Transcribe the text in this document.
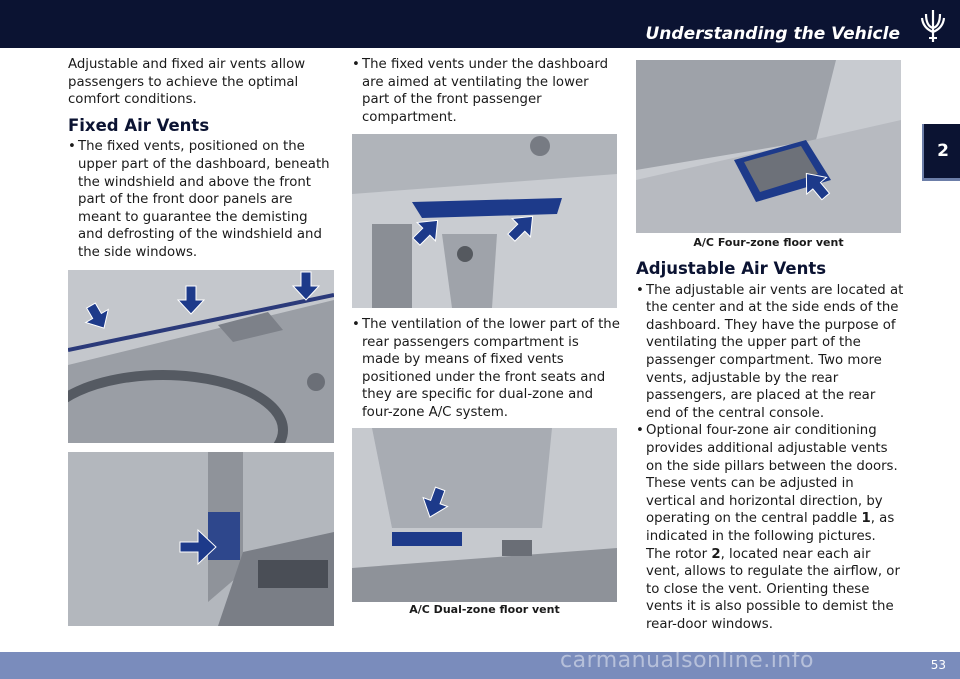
Understanding the Vehicle
2

Adjustable and fixed air vents allow passengers to achieve the optimal comfort conditions.

Fixed Air Vents
• The fixed vents, positioned on the upper part of the dashboard, beneath the windshield and above the front part of the front door panels are meant to guarantee the demisting and defrosting of the windshield and the side windows.
• The fixed vents under the dashboard are aimed at ventilating the lower part of the front passenger compartment.
• The ventilation of the lower part of the rear passengers compartment is made by means of fixed vents positioned under the front seats and they are specific for dual-zone and four-zone A/C system.
A/C Dual-zone floor vent
A/C Four-zone floor vent
Adjustable Air Vents
• The adjustable air vents are located at the center and at the side ends of the dashboard. They have the purpose of ventilating the upper part of the passenger compartment. Two more vents, adjustable by the rear passengers, are placed at the rear end of the central console.
• Optional four-zone air conditioning provides additional adjustable vents on the side pillars between the doors. These vents can be adjusted in vertical and horizontal direction, by operating on the central paddle 1, as indicated in the following pictures. The rotor 2, located near each air vent, allows to regulate the airflow, or to close the vent. Orienting these vents it is also possible to demist the rear-door windows.
53
carmanualsonline.info
